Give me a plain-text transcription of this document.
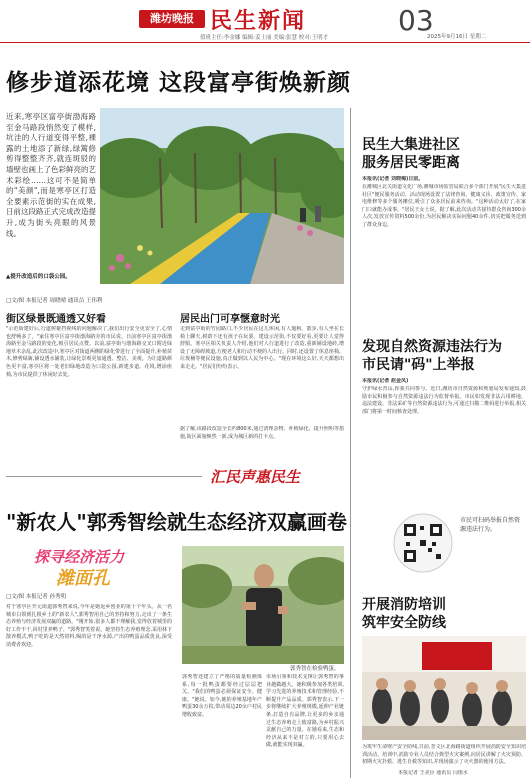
潍坊晚报 民生新闻	03
值班主任:李金娜 编辑:姜士丽 美编:张慧 校对:王明才	2025年9月16日 星期二
修步道添花境 这段富亭街焕新颜
近来,寒亭区富亭街渤海路至金马路段悄然变了模样,坑洼的人行道变得平整,裸露的土地添了新绿,绿篱修剪得整整齐齐,就连斑驳的墙壁也画上了色彩鲜亮的艺术彩绘……这可不是简单的"美颜",而是寒亭区打造全要素示范街的实在成果,日前这段路正式完成改造提升,成为街头亮眼的风景线。
▲提升改造后的口袋公园。
□文/图 本报记者 周晓晴 通讯员 王伟利
街区绿景既通透又好看
"示范街建好后,行道树避挡视线的问题解决了,我们出行安全更安全了,心情也舒畅多了。"家住寒亭区富亭街渤海路旁的市民说。日前寒亭区富亭街渤海路至金马路段的变化,吸引居民点赞。以前,富亭街与渤海路交叉口附近绿地草木杂乱,此次改造中,寒亭区对街道两侧的绿化带进行了全面提升,补植苗木,修剪绿篱,铺设透水铺装,让绿化景观更加通透、整洁、美观。为让道路颜色更丰富,寒亭区将一处老旧绿地改造为口袋公园,新建步道、花境,增添座椅,为市民提供了休闲好去处。
居民出门可享惬意时光
走到富亭街的竹园路口,不少居民在这儿休闲,有人遛狗、散步,有人坐在长椅上聊天,树荫下还有孩子在玩耍。建设示范街,不仅要好看,更要让人觉得舒服。寒亭区相关负责人介绍,他们对人行道进行了改造,重新铺设地砖,增设了无障碍坡道,方便老人和行动不便的人出行。同时,还设置了休息座椅、垃圾桶等便民设施,真正做到以人民为中心。"现在环境这么好,天天都想出来走走。"居民们纷纷表示。
据了解,该路段改造全长约800米,通过清理杂物、补植绿化、提升照明等措施,街区面貌焕然一新,成为城区新的打卡点。
汇民声惠民生
"新农人"郭秀智绘就生态经济双赢画卷
探寻经济活力
潍面孔
□文/图 本报记者 孙秀明
对于寒亭区开元街道郭秀智来说,今年是她返乡创业的第十个年头。从一名城市白领到扎根乡土的"新农人",郭秀智用自己的坚持和努力,走出了一条生态养殖与经济发展双赢的道路。"刚开始,很多人都不理解我,觉得放着城里的好工作不干,回村里养鸭子。"郭秀智笑着说。她坚持生态养殖理念,采用林下散养模式,鸭子吃的是天然饲料,喝的是干净水源,产出的鸭蛋品质优良,深受消费者欢迎。
郭秀智在检验鸭蛋。
郭秀智还建立了严格的质量检测体系,每一批鸭蛋都要经过层层把关。"我们的鸭蛋必须保证安全、健康。"她说。如今,她的养殖基地年产鸭蛋30余万枚,带动周边20余户村民增收致富。
市场引领和技术支撑让郭秀智的事业越做越大。她积极参加各类培训,学习先进的养殖技术和管理经验,不断提升产品品质。郭秀智表示,下一步将继续扩大养殖规模,延伸产业链条,打造自有品牌,让更多的乡亲通过生态养殖走上致富路,为乡村振兴贡献自己的力量。在她看来,生态和经济从来不是对立的,只要用心去做,就能实现双赢。
民生大集进社区
服务居民零距离
本报讯(记者 刘晓梅)日前,
在潍城区北关街道文化广场,潍城市场监管局联合多个部门开展"民生大集进社区"便民服务活动。活动现场设置了法律咨询、健康义诊、政策宣传、家电维修等多个服务摊位,吸引了众多居民前来咨询。"这种活动太好了,在家门口就能办成事。"居民王女士说。据了解,此次活动共接待群众咨询300余人次,发放宣传资料500余份,为居民解决实际问题40余件,切实把服务送到了群众身边。
发现自然资源违法行为
市民请"码"上举报
本报讯(记者 赵金凤)
守护绿水青山,你我共同参与。近日,潍坊市自然资源和规划局发布通知,鼓励市民积极参与自然资源违法行为监督举报。市民如发现非法占用耕地、违法建设、非法采矿等自然资源违法行为,可通过扫描二维码进行举报,相关部门将第一时间核查处理。
市民可扫码举报自然资源违法行为。
开展消防培训
筑牢安全防线
为筑牢生命财产安全防线,日前,奎文区北海路街道组织开展消防安全知识培训活动。培训中,消防专业人员结合典型火灾案例,向居民讲解了火灾预防、初期火灾扑救、逃生自救等知识,并现场演示了灭火器的使用方法。
本报记者 王美臣 通讯员 闫雨水
